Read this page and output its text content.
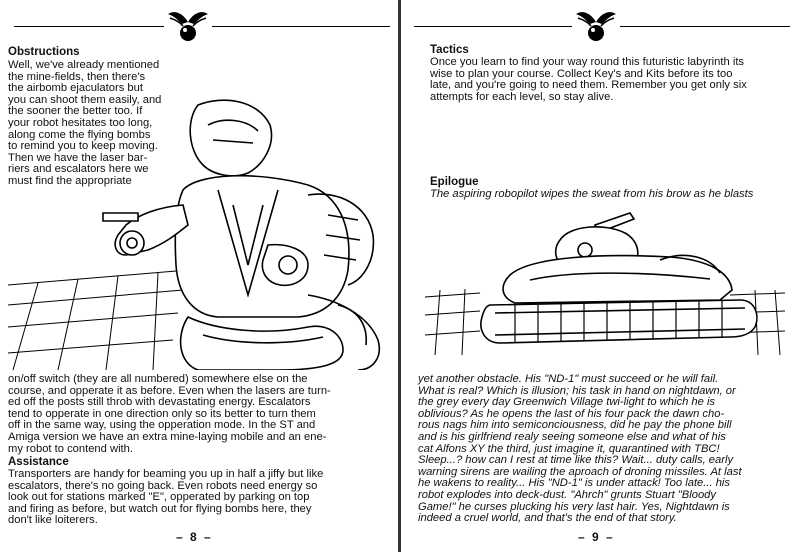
Obstructions
Well, we've already mentioned
the mine-fields, then there's
the airbomb ejaculators but
you can shoot them easily, and
the sooner the better too. If
your robot hesitates too long,
along come the flying bombs
to remind you to keep moving.
Then we have the laser bar-
riers and escalators here we
must find the appropriate
on/off switch (they are all numbered) somewhere else on the
course, and opperate it as before. Even when the lasers are turn-
ed off the posts still throb with devastating energy. Escalators
tend to opperate in one direction only so its better to turn them
off in the same way, using the opperation mode. In the ST and
Amiga version we have an extra mine-laying mobile and an ene-
my robot to contend with.
Assistance
Transporters are handy for beaming you up in half a jiffy but like
escalators, there's no going back. Even robots need energy so
look out for stations marked "E", opperated by parking on top
and firing as before, but watch out for flying bombs here, they
don't like loiterers.
– 8 –
Tactics
Once you learn to find your way round this futuristic labyrinth its
wise to plan your course. Collect Key's and Kits before its too
late, and you're going to need them. Remember you get only six
attempts for each level, so stay alive.
Epilogue
The aspiring robopilot wipes the sweat from his brow as he blasts
yet another obstacle. His "ND-1" must succeed or he will fail.
What is real? Which is illusion; his task in hand on nightdawn, or
the grey every day Greenwich Village twi-light to which he is
oblivious? As he opens the last of his four pack the dawn cho-
rous nags him into semiconciousness, did he pay the phone bill
and is his girlfriend realy seeing someone else and what of his
cat Alfons XY the third, just imagine it, quarantined with TBC!
Sleep...? how can I rest at time like this? Wait... duty calls, early
warning sirens are wailing the aproach of droning missiles. At last
he wakens to reality... His "ND-1" is under attack! Too late... his
robot explodes into deck-dust. "Ahrch" grunts Stuart "Bloody
Game!" he curses plucking his very last hair. Yes, Nightdawn is
indeed a cruel world, and that's the end of that story.
– 9 –
